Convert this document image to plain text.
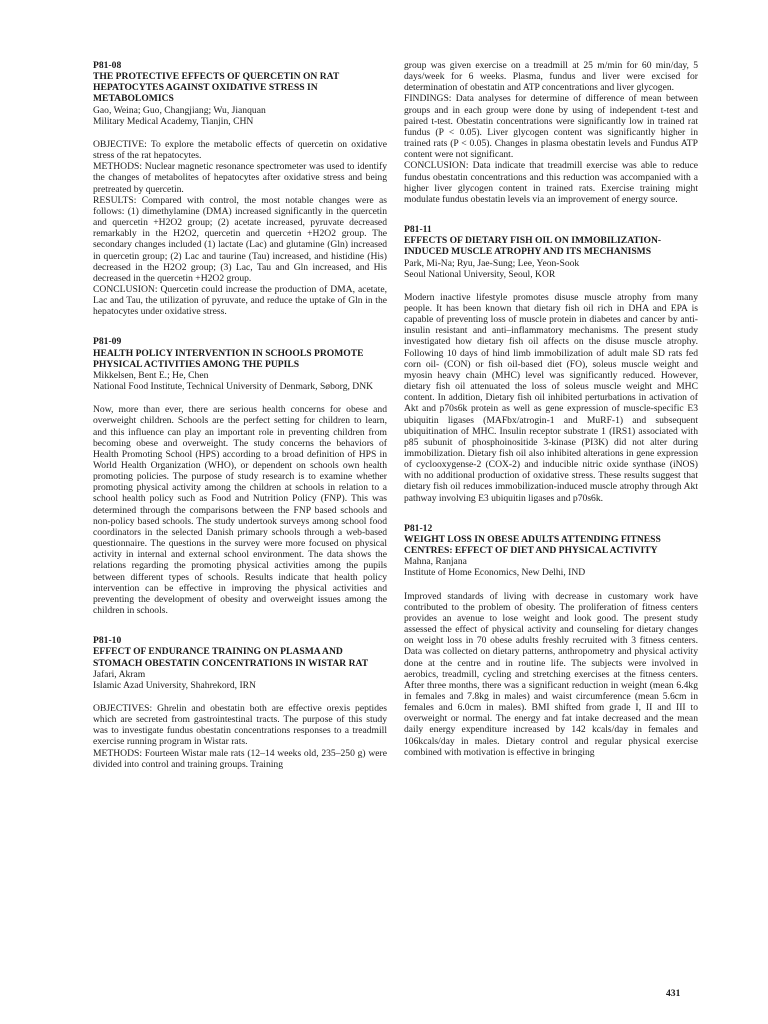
P81-08
THE PROTECTIVE EFFECTS OF QUERCETIN ON RAT HEPATOCYTES AGAINST OXIDATIVE STRESS IN METABOLOMICS
Gao, Weina; Guo, Changjiang; Wu, Jianquan
Military Medical Academy, Tianjin, CHN

OBJECTIVE: To explore the metabolic effects of quercetin on oxidative stress of the rat hepatocytes.

METHODS: Nuclear magnetic resonance spectrometer was used to identify the changes of metabolites of hepatocytes after oxidative stress and being pretreated by quercetin.

RESULTS: Compared with control, the most notable changes were as follows: (1) dimethylamine (DMA) increased significantly in the quercetin and quercetin +H2O2 group; (2) acetate increased, pyruvate decreased remarkably in the H2O2, quercetin and quercetin +H2O2 group. The secondary changes included (1) lactate (Lac) and glutamine (Gln) increased in quercetin group; (2) Lac and taurine (Tau) increased, and histidine (His) decreased in the H2O2 group; (3) Lac, Tau and Gln increased, and His decreased in the quercetin +H2O2 group.

CONCLUSION: Quercetin could increase the production of DMA, acetate, Lac and Tau, the utilization of pyruvate, and reduce the uptake of Gln in the hepatocytes under oxidative stress.

P81-09
HEALTH POLICY INTERVENTION IN SCHOOLS PROMOTE PHYSICAL ACTIVITIES AMONG THE PUPILS
Mikkelsen, Bent E.; He, Chen
National Food Institute, Technical University of Denmark, Søborg, DNK

Now, more than ever, there are serious health concerns for obese and overweight children. Schools are the perfect setting for children to learn, and this influence can play an important role in preventing children from becoming obese and overweight. The study concerns the behaviors of Health Promoting School (HPS) according to a broad definition of HPS in World Health Organization (WHO), or dependent on schools own health promoting policies. The purpose of study research is to examine whether promoting physical activity among the children at schools in relation to a school health policy such as Food and Nutrition Policy (FNP). This was determined through the comparisons between the FNP based schools and non-policy based schools. The study undertook surveys among school food coordinators in the selected Danish primary schools through a web-based questionnaire. The questions in the survey were more focused on physical activity in internal and external school environment. The data shows the relations regarding the promoting physical activities among the pupils between different types of schools. Results indicate that health policy intervention can be effective in improving the physical activities and preventing the development of obesity and overweight issues among the children in schools.

P81-10
EFFECT OF ENDURANCE TRAINING ON PLASMA AND STOMACH OBESTATIN CONCENTRATIONS IN WISTAR RAT
Jafari, Akram
Islamic Azad University, Shahrekord, IRN

OBJECTIVES: Ghrelin and obestatin both are effective orexis peptides which are secreted from gastrointestinal tracts. The purpose of this study was to investigate fundus obestatin concentrations responses to a treadmill exercise running program in Wistar rats.

METHODS: Fourteen Wistar male rats (12–14 weeks old, 235–250 g) were divided into control and training groups. Training

group was given exercise on a treadmill at 25 m/min for 60 min/day, 5 days/week for 6 weeks. Plasma, fundus and liver were excised for determination of obestatin and ATP concentrations and liver glycogen.

FINDINGS: Data analyses for determine of difference of mean between groups and in each group were done by using of independent t-test and paired t-test. Obestatin concentrations were significantly low in trained rat fundus (P < 0.05). Liver glycogen content was significantly higher in trained rats (P < 0.05). Changes in plasma obestatin levels and Fundus ATP content were not significant.

CONCLUSION: Data indicate that treadmill exercise was able to reduce fundus obestatin concentrations and this reduction was accompanied with a higher liver glycogen content in trained rats. Exercise training might modulate fundus obestatin levels via an improvement of energy source.

P81-11
EFFECTS OF DIETARY FISH OIL ON IMMOBILIZATION-INDUCED MUSCLE ATROPHY AND ITS MECHANISMS
Park, Mi-Na; Ryu, Jae-Sung; Lee, Yeon-Sook
Seoul National University, Seoul, KOR

Modern inactive lifestyle promotes disuse muscle atrophy from many people. It has been known that dietary fish oil rich in DHA and EPA is capable of preventing loss of muscle protein in diabetes and cancer by anti-insulin resistant and anti–inflammatory mechanisms. The present study investigated how dietary fish oil affects on the disuse muscle atrophy. Following 10 days of hind limb immobilization of adult male SD rats fed corn oil- (CON) or fish oil-based diet (FO), soleus muscle weight and myosin heavy chain (MHC) level was significantly reduced. However, dietary fish oil attenuated the loss of soleus muscle weight and MHC content. In addition, Dietary fish oil inhibited perturbations in activation of Akt and p70s6k protein as well as gene expression of muscle-specific E3 ubiquitin ligases (MAFbx/atrogin-1 and MuRF-1) and subsequent ubiquitination of MHC. Insulin receptor substrate 1 (IRS1) associated with p85 subunit of phosphoinositide 3-kinase (PI3K) did not alter during immobilization. Dietary fish oil also inhibited alterations in gene expression of cyclooxygense-2 (COX-2) and inducible nitric oxide synthase (iNOS) with no additional production of oxidative stress. These results suggest that dietary fish oil reduces immobilization-induced muscle atrophy through Akt pathway involving E3 ubiquitin ligases and p70s6k.

P81-12
WEIGHT LOSS IN OBESE ADULTS ATTENDING FITNESS CENTRES: EFFECT OF DIET AND PHYSICAL ACTIVITY
Mahna, Ranjana
Institute of Home Economics, New Delhi, IND

Improved standards of living with decrease in customary work have contributed to the problem of obesity. The proliferation of fitness centers provides an avenue to lose weight and look good. The present study assessed the effect of physical activity and counseling for dietary changes on weight loss in 70 obese adults freshly recruited with 3 fitness centers. Data was collected on dietary patterns, anthropometry and physical activity done at the centre and in routine life. The subjects were involved in aerobics, treadmill, cycling and stretching exercises at the fitness centers. After three months, there was a significant reduction in weight (mean 6.4kg in females and 7.8kg in males) and waist circumference (mean 5.6cm in females and 6.0cm in males). BMI shifted from grade I, II and III to overweight or normal. The energy and fat intake decreased and the mean daily energy expenditure increased by 142 kcals/day in females and 106kcals/day in males. Dietary control and regular physical exercise combined with motivation is effective in bringing

431
